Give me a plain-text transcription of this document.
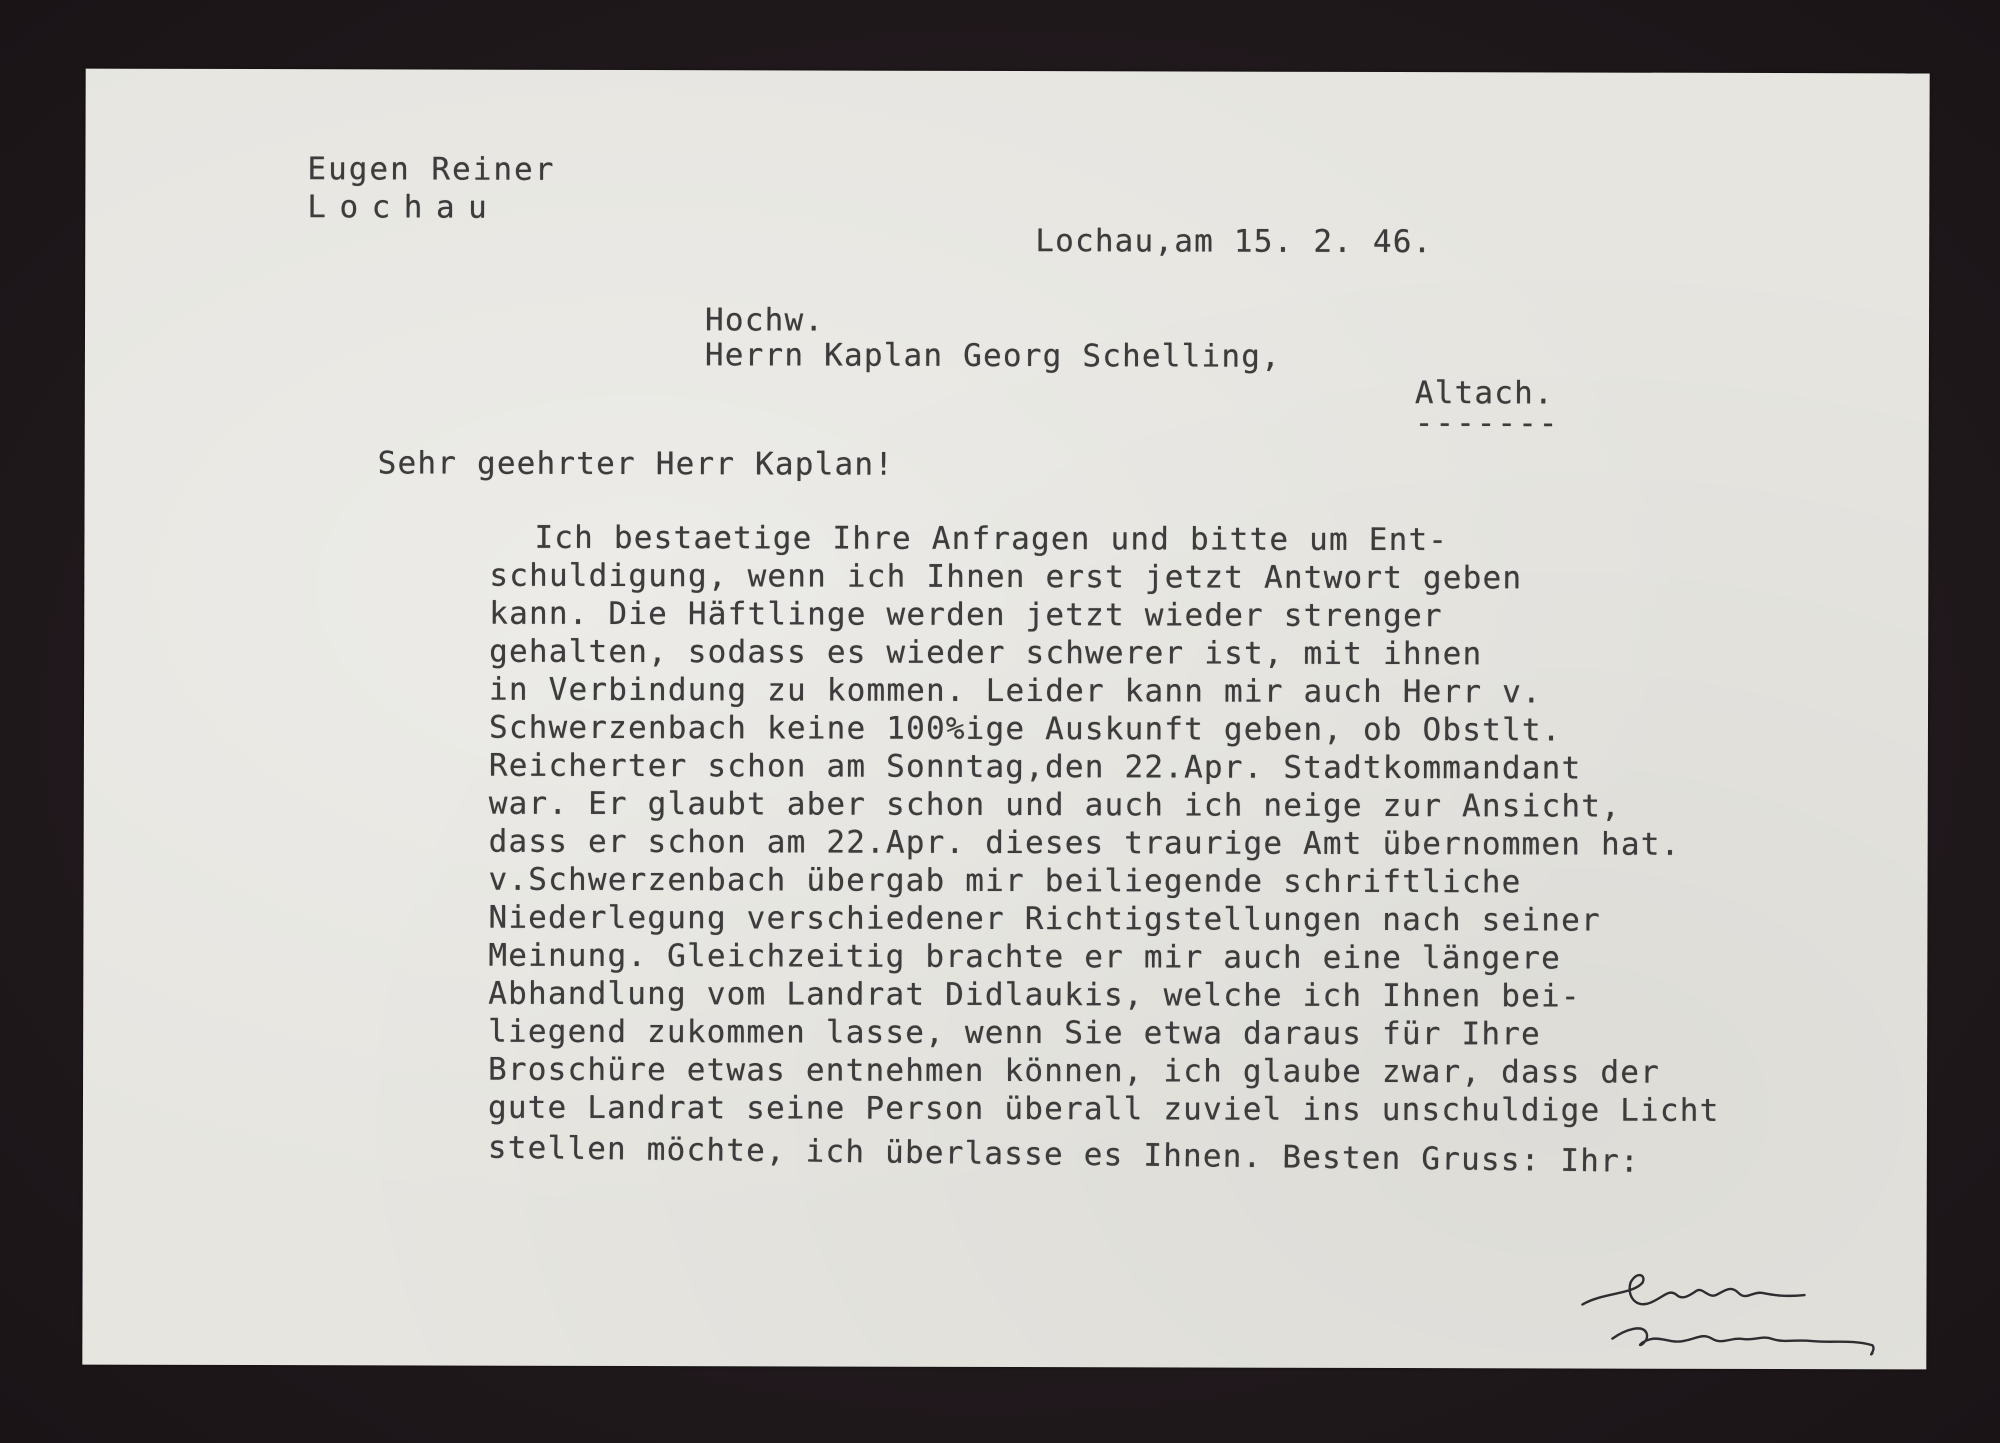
Eugen Reiner
Lochau
Lochau,am 15. 2. 46.
Hochw.
Herrn Kaplan Georg Schelling,
Altach.
-------
Sehr geehrter Herr Kaplan!
Ich bestaetige Ihre Anfragen und bitte um Ent-
schuldigung, wenn ich Ihnen erst jetzt Antwort geben
kann. Die Häftlinge werden jetzt wieder strenger
gehalten, sodass es wieder schwerer ist, mit ihnen
in Verbindung zu kommen. Leider kann mir auch Herr v.
Schwerzenbach keine 100%ige Auskunft geben, ob Obstlt.
Reicherter schon am Sonntag,den 22.Apr. Stadtkommandant
war. Er glaubt aber schon und auch ich neige zur Ansicht,
dass er schon am 22.Apr. dieses traurige Amt übernommen hat.
v.Schwerzenbach übergab mir beiliegende schriftliche
Niederlegung verschiedener Richtigstellungen nach seiner
Meinung. Gleichzeitig brachte er mir auch eine längere
Abhandlung vom Landrat Didlaukis, welche ich Ihnen bei-
liegend zukommen lasse, wenn Sie etwa daraus für Ihre
Broschüre etwas entnehmen können, ich glaube zwar, dass der
gute Landrat seine Person überall zuviel ins unschuldige Licht
stellen möchte, ich überlasse es Ihnen. Besten Gruss: Ihr:
